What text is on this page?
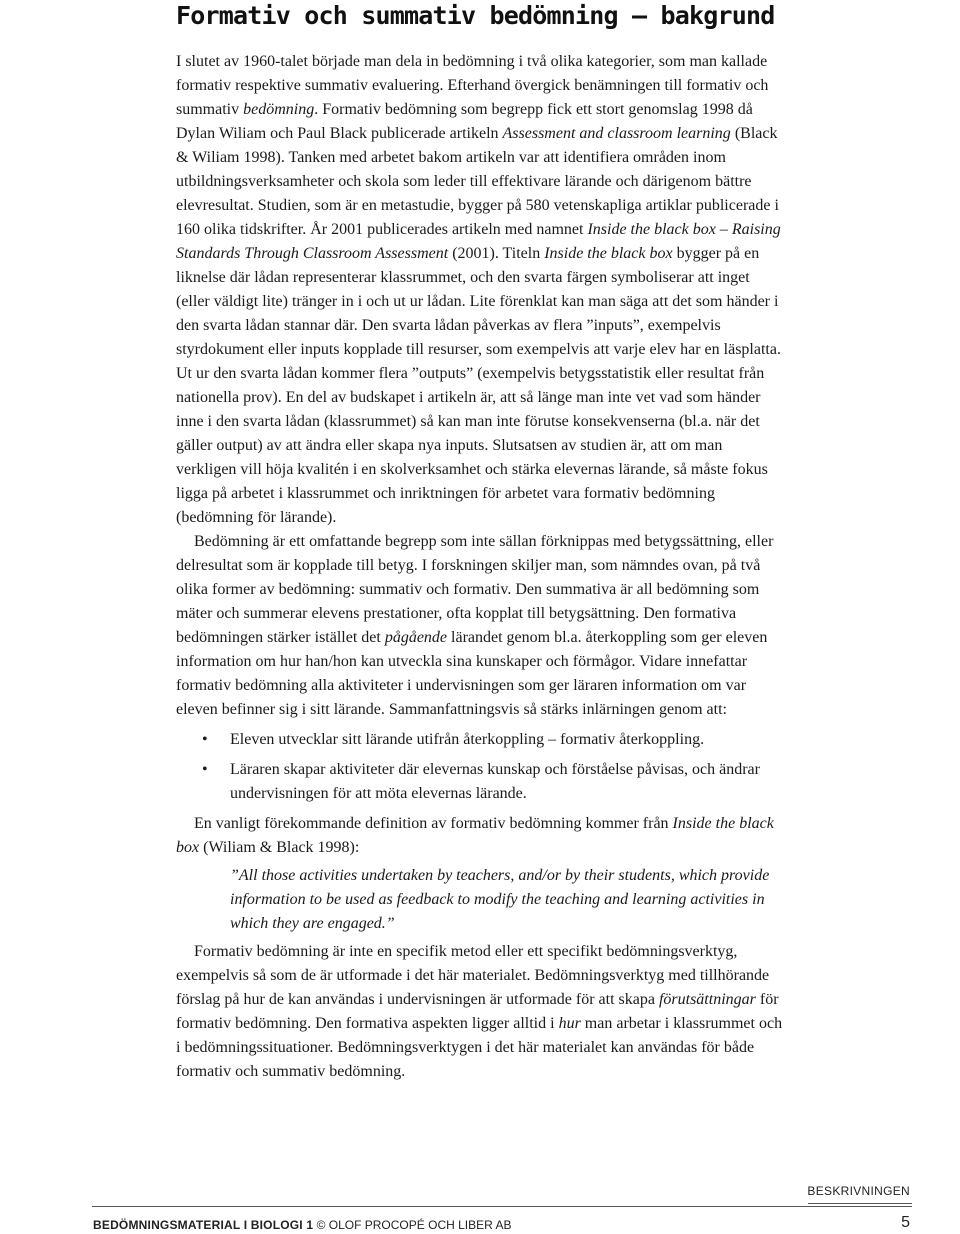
Formativ och summativ bedömning – bakgrund

I slutet av 1960-talet började man dela in bedömning i två olika kategorier, som man kallade formativ respektive summativ evaluering. Efterhand övergick benämningen till formativ och summativ bedömning. Formativ bedömning som begrepp fick ett stort genomslag 1998 då Dylan Wiliam och Paul Black publicerade artikeln Assessment and classroom learning (Black & Wiliam 1998). Tanken med arbetet bakom artikeln var att identifiera områden inom utbildningsverksamheter och skola som leder till effektivare lärande och därigenom bättre elevresultat. Studien, som är en metastudie, bygger på 580 vetenskapliga artiklar publicerade i 160 olika tidskrifter. År 2001 publicerades artikeln med namnet Inside the black box – Raising Standards Through Classroom Assessment (2001). Titeln Inside the black box bygger på en liknelse där lådan representerar klassrummet, och den svarta färgen symboliserar att inget (eller väldigt lite) tränger in i och ut ur lådan. Lite förenklat kan man säga att det som händer i den svarta lådan stannar där. Den svarta lådan påverkas av flera ”inputs”, exempelvis styrdokument eller inputs kopplade till resurser, som exempelvis att varje elev har en läsplatta. Ut ur den svarta lådan kommer flera ”outputs” (exempelvis betygsstatistik eller resultat från nationella prov). En del av budskapet i artikeln är, att så länge man inte vet vad som händer inne i den svarta lådan (klassrummet) så kan man inte förutse konsekvenserna (bl.a. när det gäller output) av att ändra eller skapa nya inputs. Slutsatsen av studien är, att om man verkligen vill höja kvalitén i en skolverksamhet och stärka elevernas lärande, så måste fokus ligga på arbetet i klassrummet och inriktningen för arbetet vara formativ bedömning (bedömning för lärande).

Bedömning är ett omfattande begrepp som inte sällan förknippas med betygssättning, eller delresultat som är kopplade till betyg. I forskningen skiljer man, som nämndes ovan, på två olika former av bedömning: summativ och formativ. Den summativa är all bedömning som mäter och summerar elevens prestationer, ofta kopplat till betygsättning. Den formativa bedömningen stärker istället det pågående lärandet genom bl.a. återkoppling som ger eleven information om hur han/hon kan utveckla sina kunskaper och förmågor. Vidare innefattar formativ bedömning alla aktiviteter i undervisningen som ger läraren information om var eleven befinner sig i sitt lärande. Sammanfattningsvis så stärks inlärningen genom att:

• Eleven utvecklar sitt lärande utifrån återkoppling – formativ återkoppling.
• Läraren skapar aktiviteter där elevernas kunskap och förståelse påvisas, och ändrar undervisningen för att möta elevernas lärande.

En vanligt förekommande definition av formativ bedömning kommer från Inside the black box (Wiliam & Black 1998):

”All those activities undertaken by teachers, and/or by their students, which provide information to be used as feedback to modify the teaching and learning activities in which they are engaged.”

Formativ bedömning är inte en specifik metod eller ett specifikt bedömningsverktyg, exempelvis så som de är utformade i det här materialet. Bedömningsverktyg med tillhörande förslag på hur de kan användas i undervisningen är utformade för att skapa förutsättningar för formativ bedömning. Den formativa aspekten ligger alltid i hur man arbetar i klassrummet och i bedömningssituationer. Bedömningsverktygen i det här materialet kan användas för både formativ och summativ bedömning.

BESKRIVNINGEN
BEDÖMNINGSMATERIAL I BIOLOGI 1 © OLOF PROCOPÉ OCH LIBER AB	5
